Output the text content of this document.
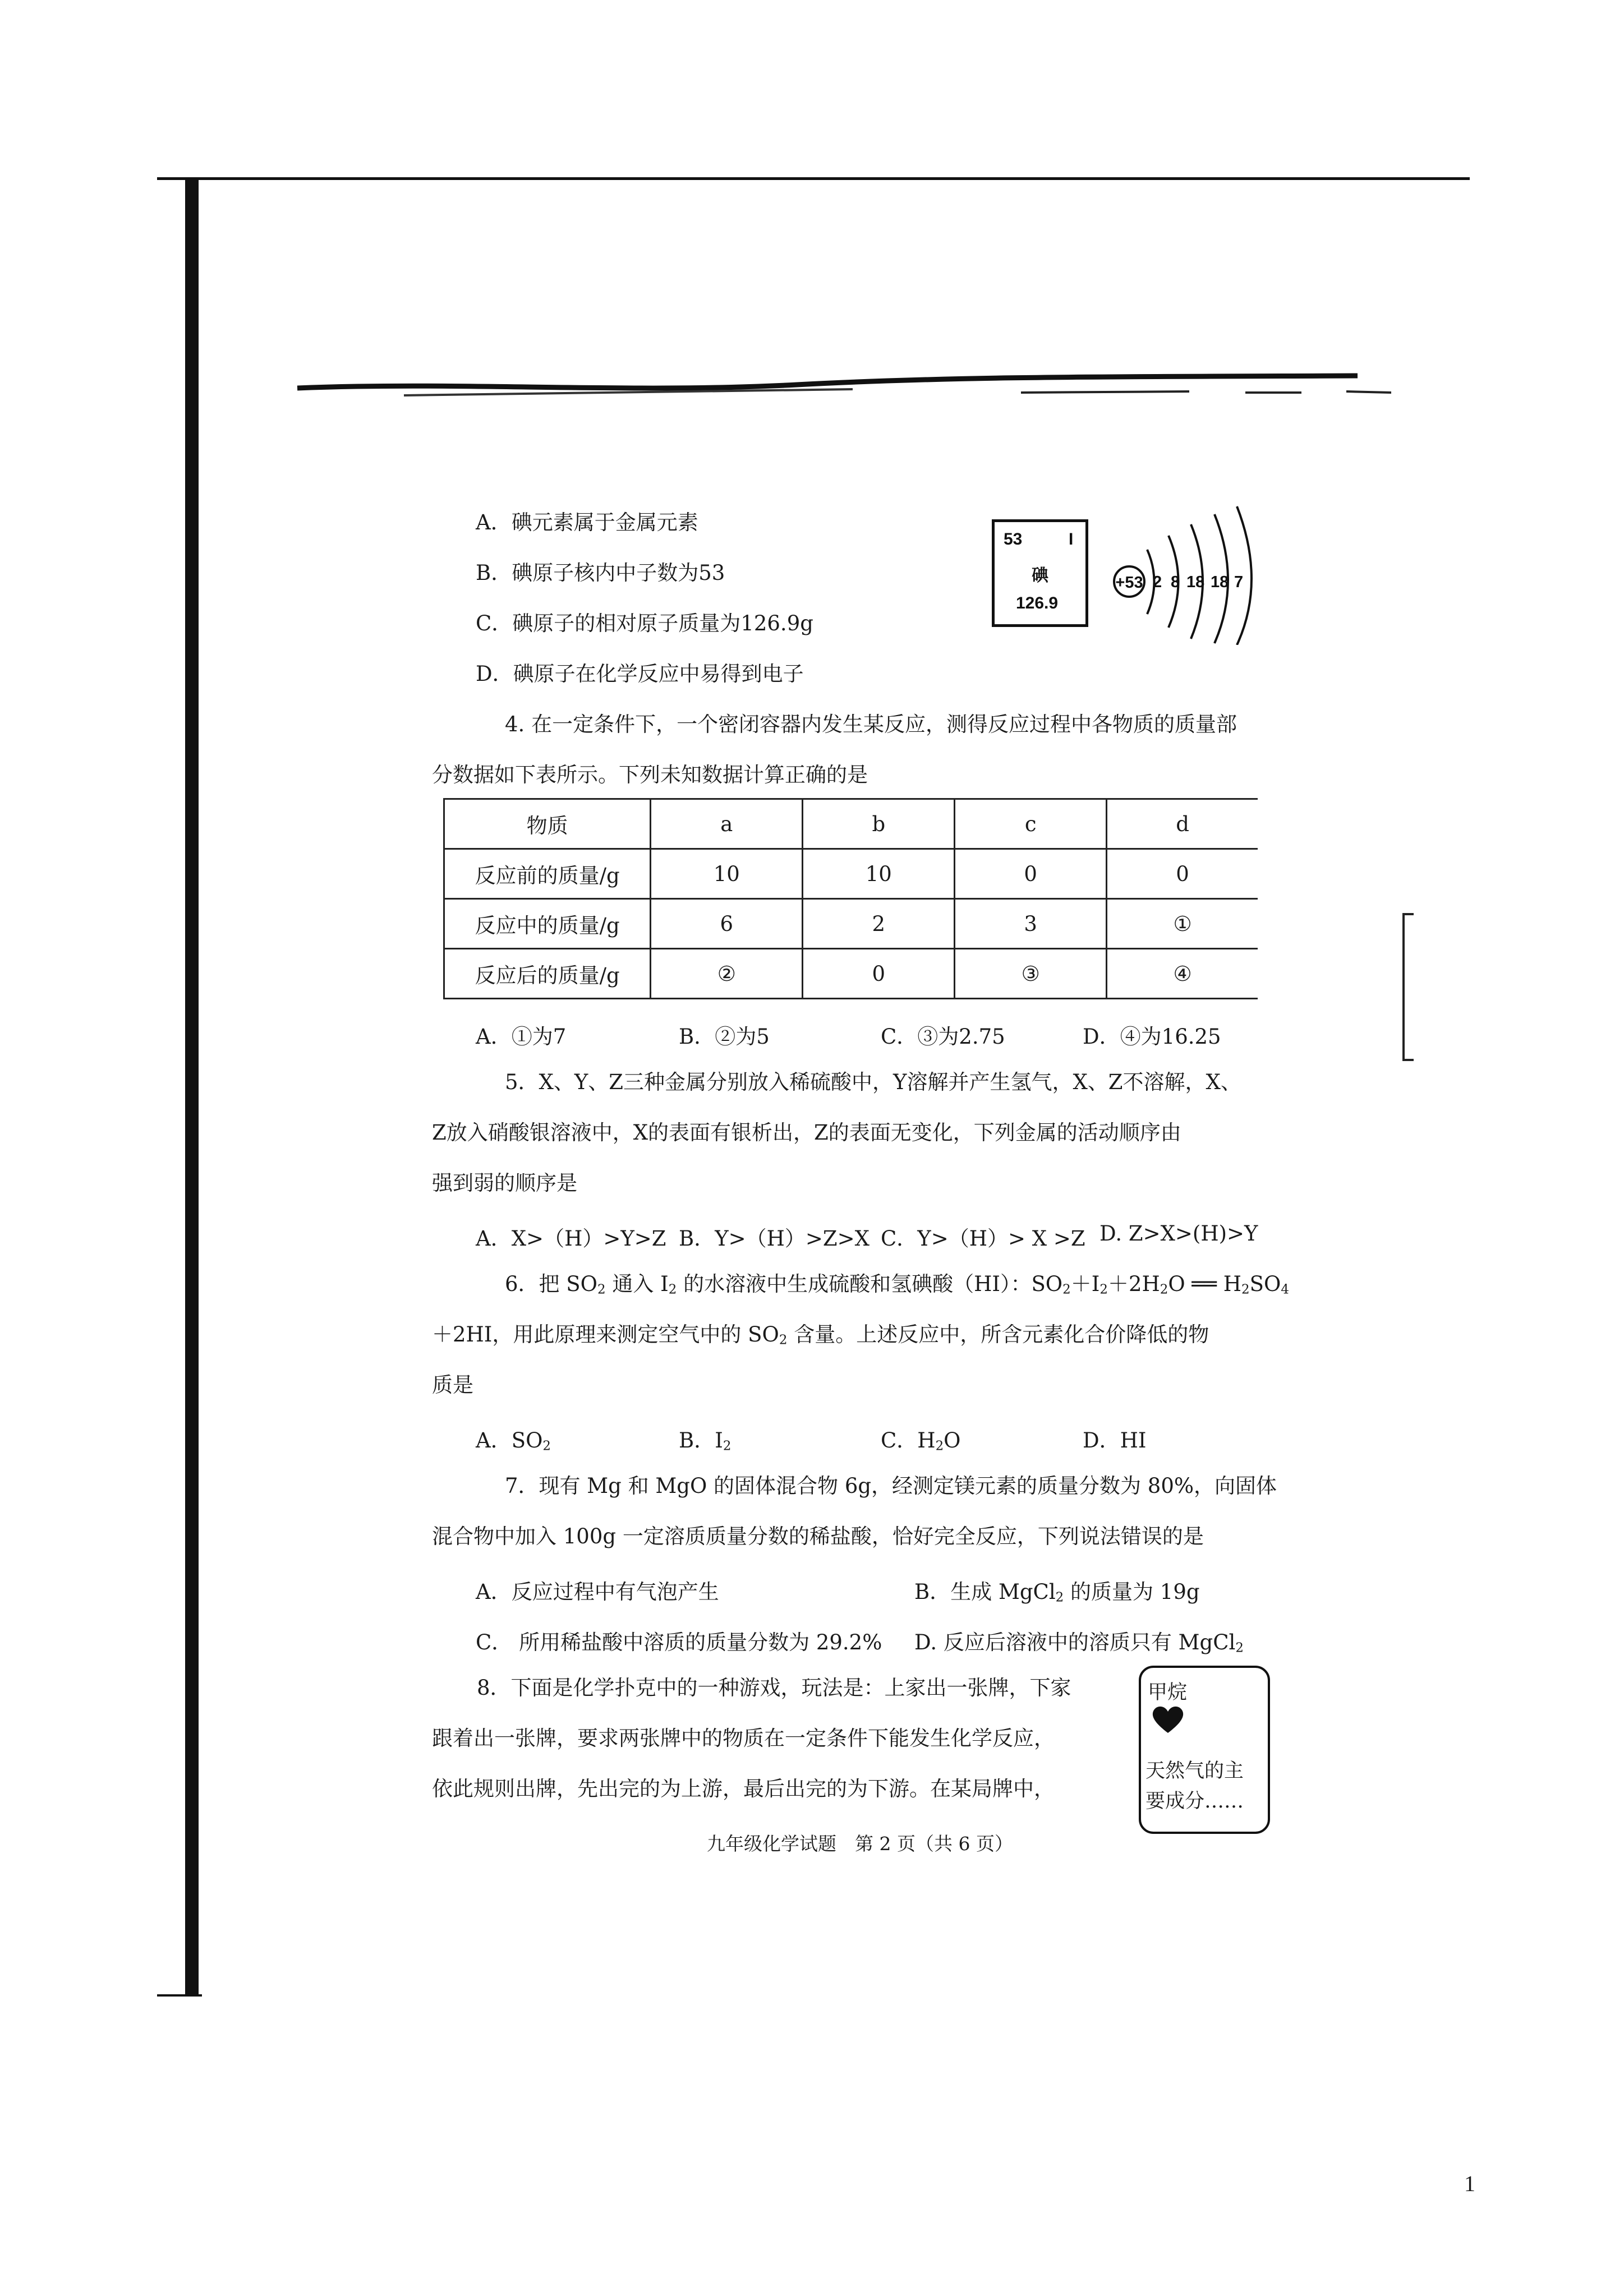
A．碘元素属于金属元素
B．碘原子核内中子数为53
C．碘原子的相对原子质量为126.9g
D．碘原子在化学反应中易得到电子
53	I
碘
126.9
+53 2 8 18 18 7
4. 在一定条件下，一个密闭容器内发生某反应，测得反应过程中各物质的质量部
分数据如下表所示。下列未知数据计算正确的是
物质	a	b	c	d
反应前的质量/g	10	10	0	0
反应中的质量/g	6	2	3	①
反应后的质量/g	②	0	③	④
A．①为7	B．②为5	C．③为2.75	D．④为16.25
5．X、Y、Z三种金属分别放入稀硫酸中，Y溶解并产生氢气，X、Z不溶解，X、
Z放入硝酸银溶液中，X的表面有银析出，Z的表面无变化，下列金属的活动顺序由
强到弱的顺序是
A．X>（H）>Y>Z B．Y>（H）>Z>X C．Y>（H）> X >Z D. Z>X>(H)>Y
6．把 $SO_2$ 通入 $I_2$ 的水溶液中生成硫酸和氢碘酸（HI）：$SO_2+I_2+2H_2O$ ══ $H_2SO_4$
＋2HI，用此原理来测定空气中的 $SO_2$ 含量。上述反应中，所含元素化合价降低的物
质是
A．$SO_2$	B．$I_2$	C．$H_2O$	D．HI
7．现有 Mg 和 MgO 的固体混合物 6g，经测定镁元素的质量分数为 80%，向固体
混合物中加入 100g 一定溶质质量分数的稀盐酸，恰好完全反应，下列说法错误的是
A．反应过程中有气泡产生	B．生成 MgCl$_2$ 的质量为 19g
C． 所用稀盐酸中溶质的质量分数为 29.2% D. 反应后溶液中的溶质只有 MgCl$_2$
8．下面是化学扑克中的一种游戏，玩法是：上家出一张牌，下家
跟着出一张牌，要求两张牌中的物质在一定条件下能发生化学反应，
依此规则出牌，先出完的为上游，最后出完的为下游。在某局牌中，
甲烷
天然气的主
要成分……
九年级化学试题　第 2 页（共 6 页）
1
